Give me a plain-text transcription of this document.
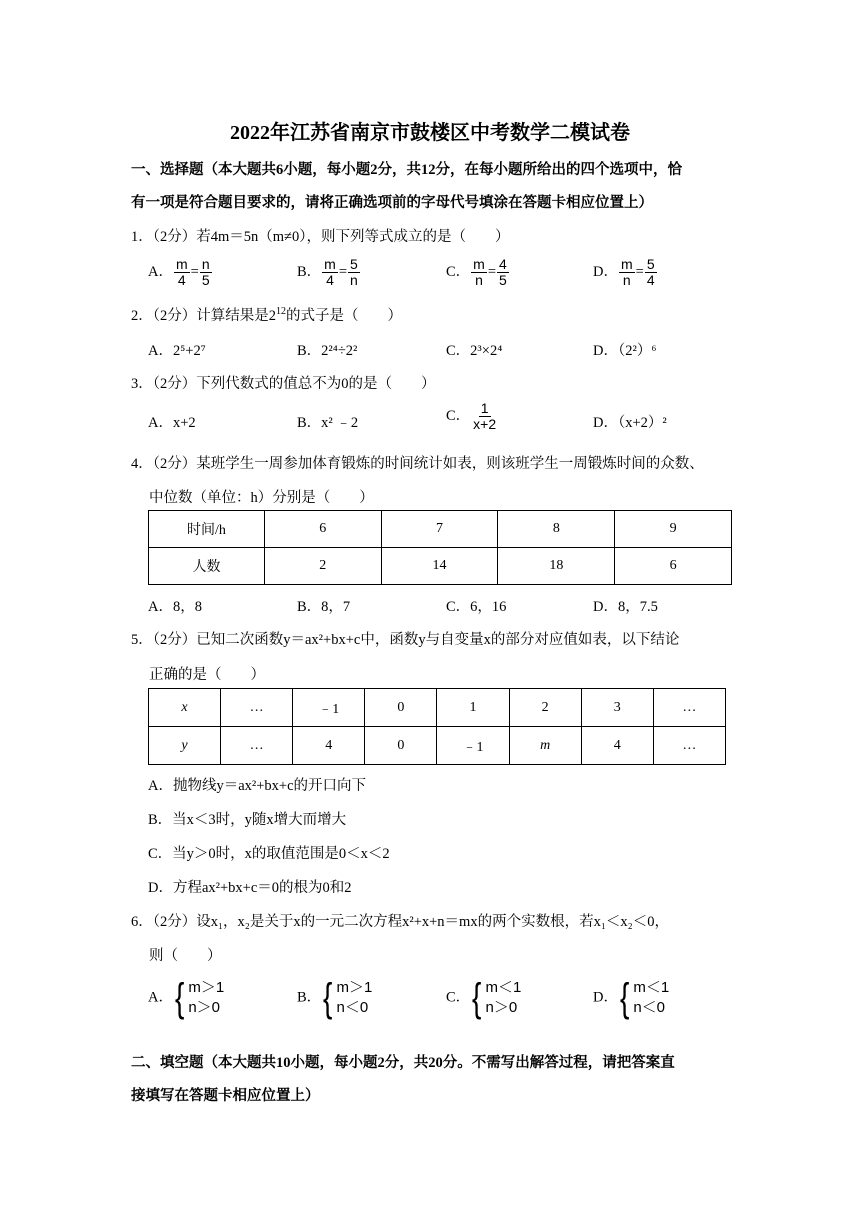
2022年江苏省南京市鼓楼区中考数学二模试卷
一、选择题（本大题共6小题，每小题2分，共12分，在每小题所给出的四个选项中，恰
有一项是符合题目要求的，请将正确选项前的字母代号填涂在答题卡相应位置上）
1．（2分）若4m＝5n（m≠0），则下列等式成立的是（　　）
A． $\frac{m}{4} = \frac{n}{5}$	B． $\frac{m}{4} = \frac{5}{n}$	C． $\frac{m}{n} = \frac{4}{5}$	D． $\frac{m}{n} = \frac{5}{4}$
2．（2分）计算结果是$2^{12}$的式子是（　　）
A．2⁵+2⁷	B．2²⁴÷2²	C．2³×2⁴	D．（2²）⁶
3．（2分）下列代数式的值总不为0的是（　　）
A．x+2	B．x² ﹣2	C． $\frac{1}{x+2}$	D．（x+2）²
4．（2分）某班学生一周参加体育锻炼的时间统计如表，则该班学生一周锻炼时间的众数、
中位数（单位：h）分别是（　　）
时间/h	6	7	8	9
人数	2	14	18	6
A．8，8	B．8，7	C．6，16	D．8，7.5
5．（2分）已知二次函数y＝ax²+bx+c中，函数y与自变量x的部分对应值如表，以下结论
正确的是（　　）
x	…	﹣1	0	1	2	3	…
y	…	4	0	﹣1	m	4	…
A．抛物线y＝ax²+bx+c的开口向下
B．当x＜3时，y随x增大而增大
C．当y＞0时，x的取值范围是0＜x＜2
D．方程ax²+bx+c＝0的根为0和2
6．（2分）设x₁，x₂是关于x的一元二次方程x²+x+n＝mx的两个实数根，若x₁＜x₂＜0，
则（　　）
A． { m＞1
n＞0
B． { m＞1
n＜0
C． { m＜1
n＞0
D． { m＜1
n＜0
二、填空题（本大题共10小题，每小题2分，共20分。不需写出解答过程，请把答案直
接填写在答题卡相应位置上）
